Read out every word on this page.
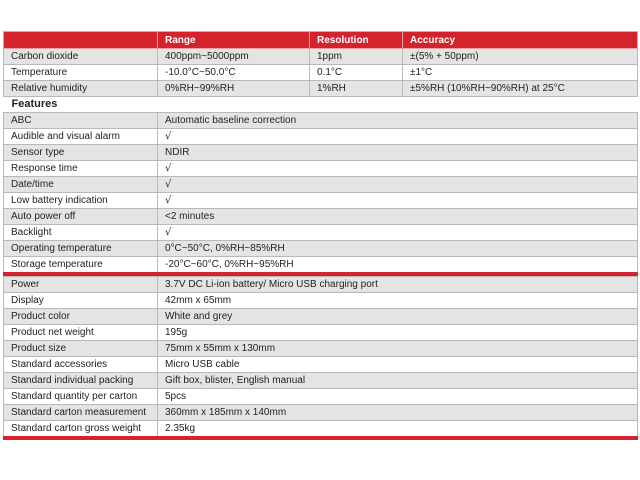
	Range	Resolution	Accuracy
Carbon dioxide	400ppm~5000ppm	1ppm	±(5% + 50ppm)
Temperature	-10.0°C~50.0°C	0.1°C	±1°C
Relative humidity	0%RH~99%RH	1%RH	±5%RH (10%RH~90%RH) at 25°C
Features			
ABC	Automatic baseline correction		
Audible and visual alarm	√		
Sensor type	NDIR		
Response time	√		
Date/time	√		
Low battery indication	√		
Auto power off	<2 minutes		
Backlight	√		
Operating temperature	0°C~50°C, 0%RH~85%RH		
Storage temperature	-20°C~60°C, 0%RH~95%RH		

Power	3.7V DC Li-ion battery/ Micro USB charging port		
Display	42mm x 65mm		
Product color	White and grey		
Product net weight	195g		
Product size	75mm x 55mm x 130mm		
Standard accessories	Micro USB cable		
Standard individual packing	Gift box, blister, English manual		
Standard quantity per carton	5pcs		
Standard carton measurement	360mm x 185mm x 140mm		
Standard carton gross weight	2.35kg		
